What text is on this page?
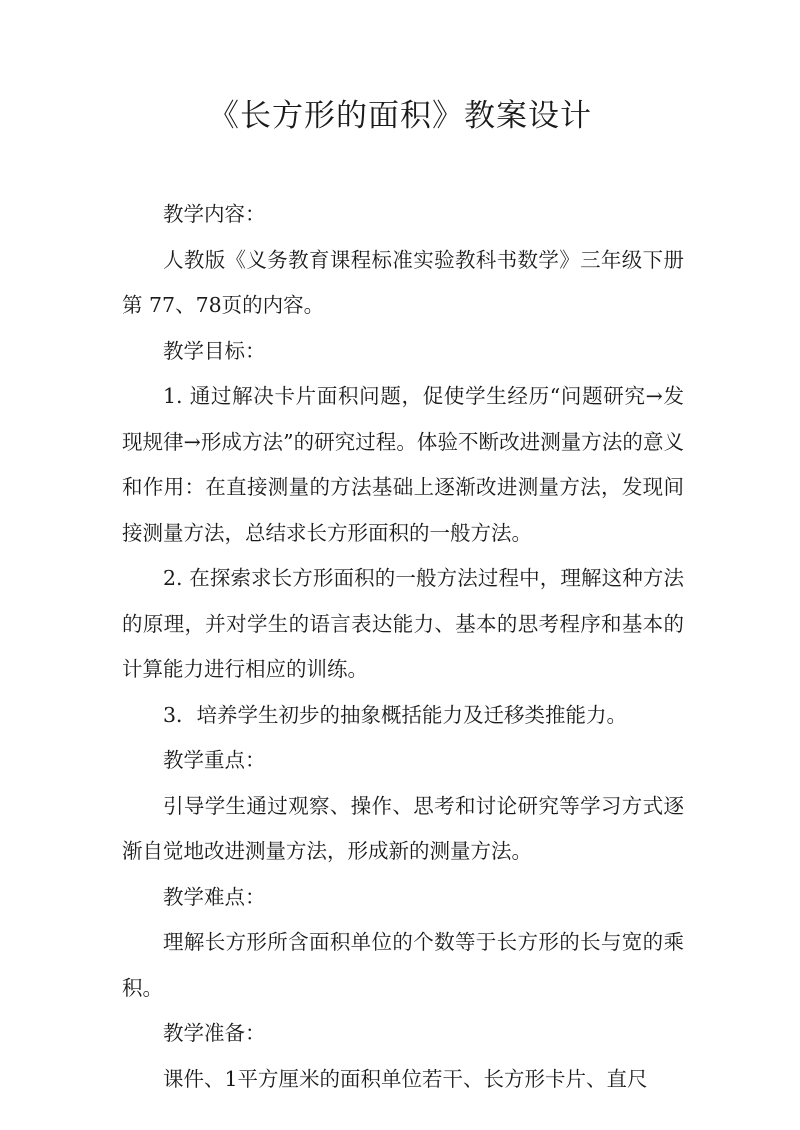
《长方形的面积》教案设计

教学内容：

人教版《义务教育课程标准实验教科书数学》三年级下册第 77、78页的内容。

教学目标：

1. 通过解决卡片面积问题，促使学生经历“问题研究→发现规律→形成方法”的研究过程。体验不断改进测量方法的意义和作用：在直接测量的方法基础上逐渐改进测量方法，发现间接测量方法，总结求长方形面积的一般方法。

2. 在探索求长方形面积的一般方法过程中，理解这种方法的原理，并对学生的语言表达能力、基本的思考程序和基本的计算能力进行相应的训练。

3．培养学生初步的抽象概括能力及迁移类推能力。

教学重点：

引导学生通过观察、操作、思考和讨论研究等学习方式逐渐自觉地改进测量方法，形成新的测量方法。

教学难点：

理解长方形所含面积单位的个数等于长方形的长与宽的乘积。

教学准备：

课件、1平方厘米的面积单位若干、长方形卡片、直尺
